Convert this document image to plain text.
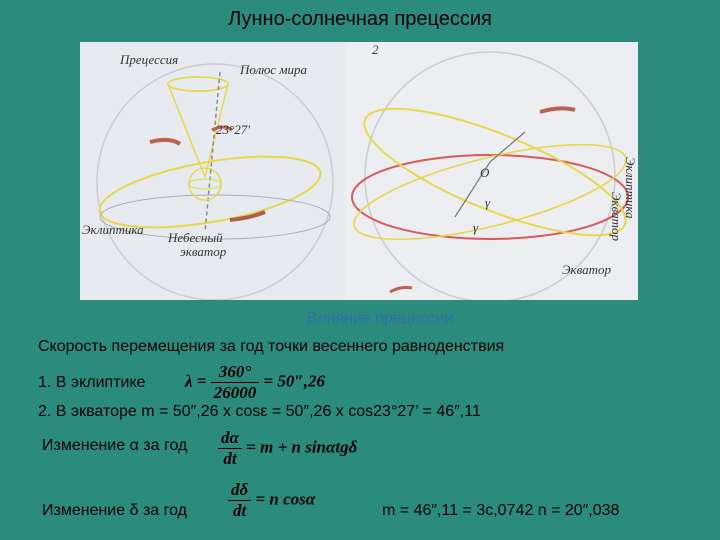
Лунно-солнечная прецессия
Прецессия
Полюс мира
23°27'
Эклиптика
Небесный
экватор
2
O
γ
γ
Экватор
Эклиптика
Экватор
Влияние прецессии
Скорость перемещения за год точки весеннего равноденствия
1. В эклиптике $\lambda = \frac{360^\circ}{26000} = 50'',26$
2. В экваторе m = 50″,26 x cosε = 50″,26 x cos23°27’ = 46″,11
Изменение α за год $\frac{d\alpha}{dt} = m + n$ sinαtgδ
Изменение δ за год $\frac{d\delta}{dt} = n$ cosα
m = 46″,11 = 3c,0742 n = 20″,038
